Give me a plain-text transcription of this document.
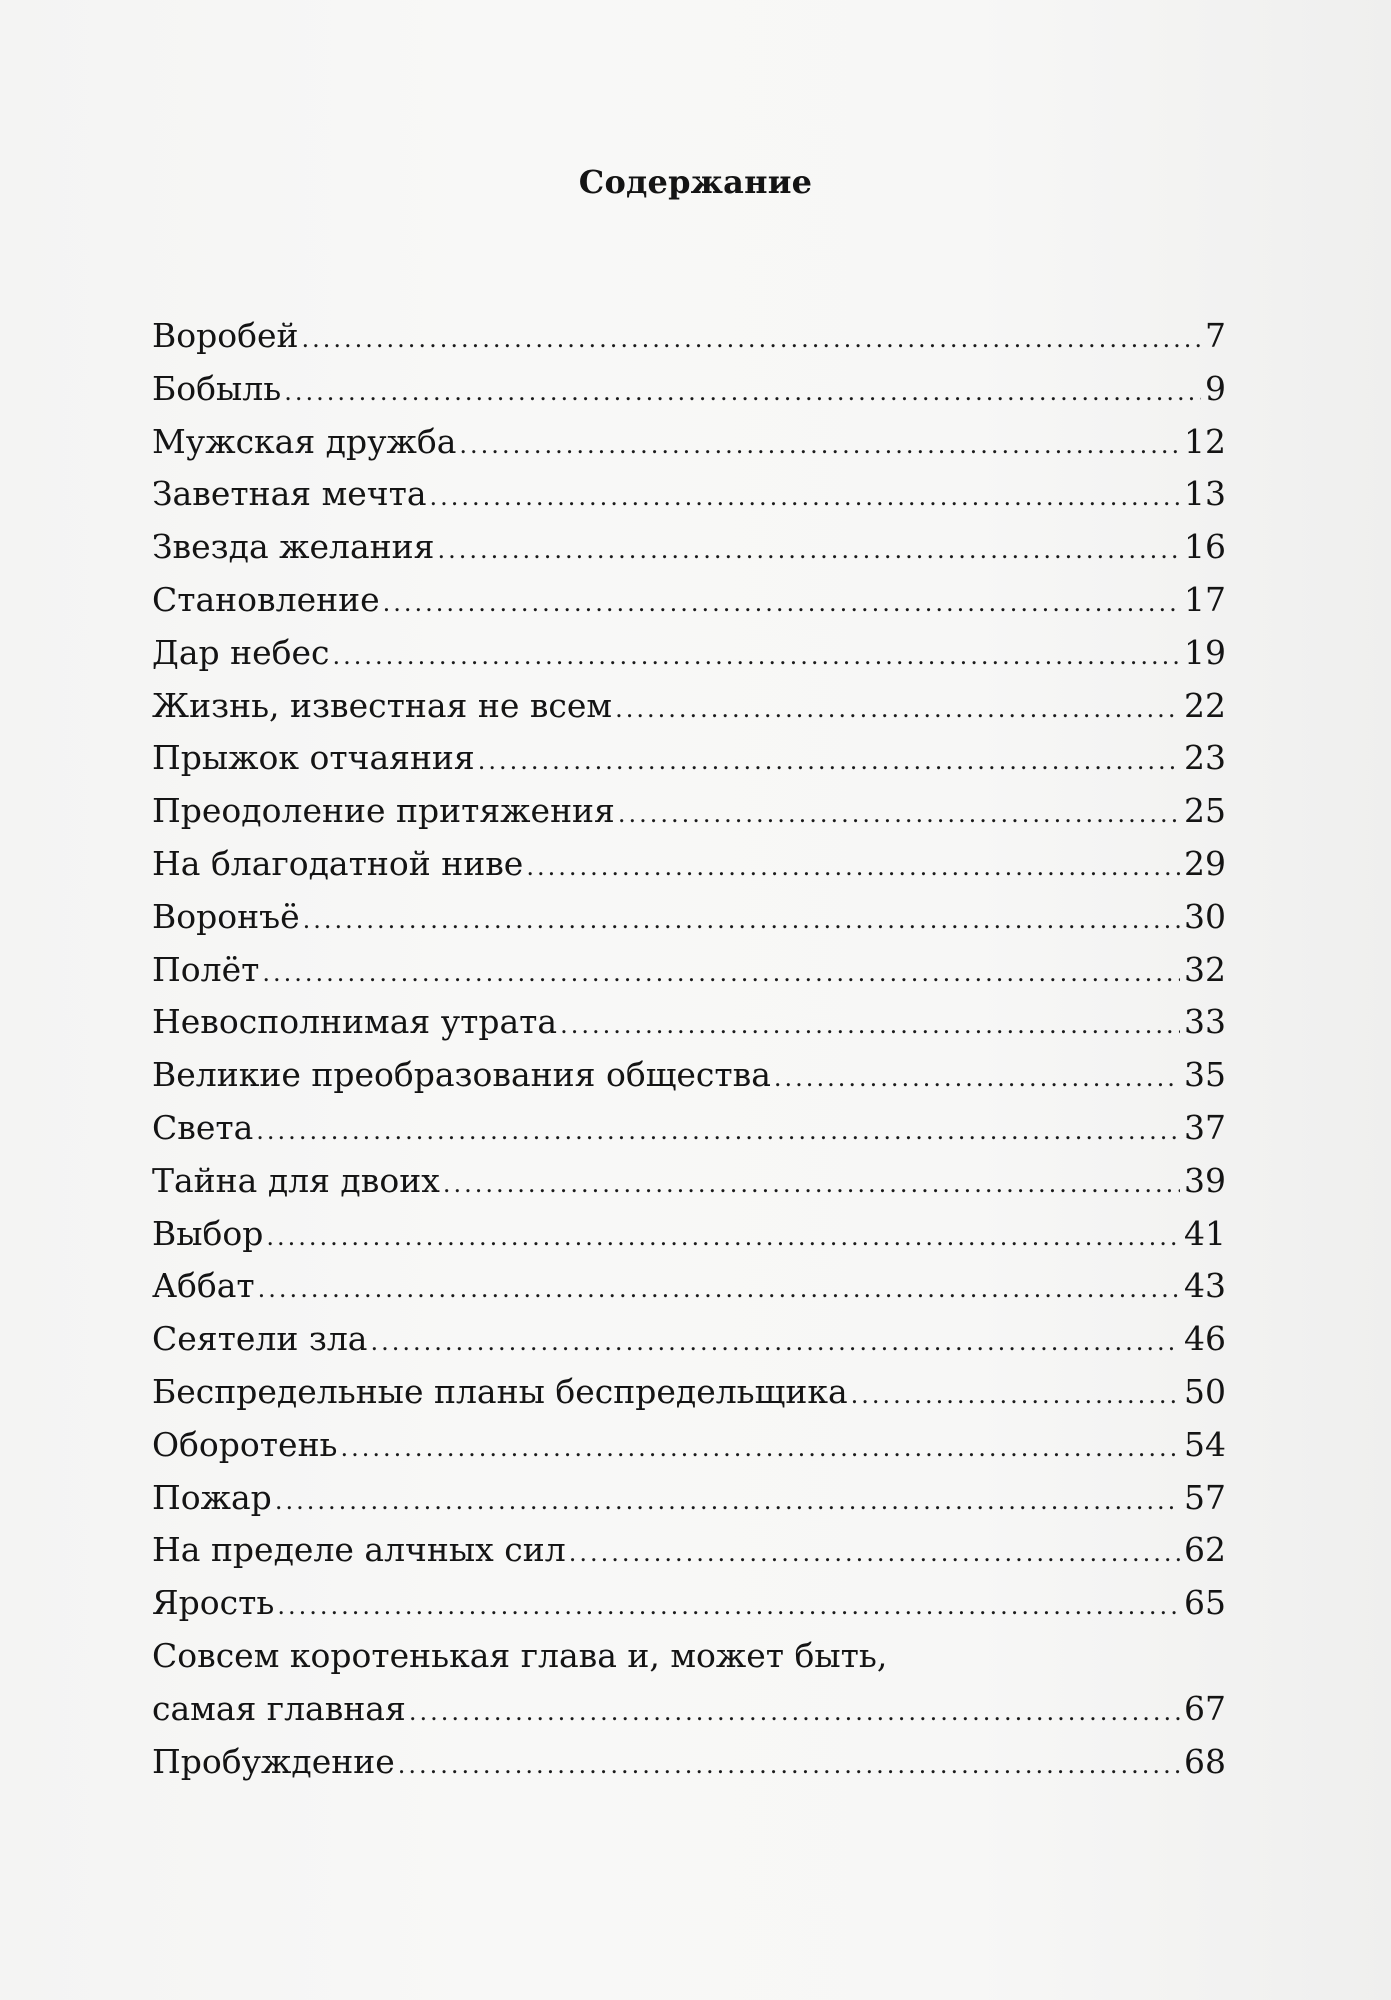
Содержание
Воробей .....	7
Бобыль .....	9
Мужская дружба .....	12
Заветная мечта .....	13
Звезда желания .....	16
Становление .....	17
Дар небес .....	19
Жизнь, известная не всем .....	22
Прыжок отчаяния .....	23
Преодоление притяжения .....	25
На благодатной ниве .....	29
Воронъё .....	30
Полёт .....	32
Невосполнимая утрата .....	33
Великие преобразования общества .....	35
Света .....	37
Тайна для двоих .....	39
Выбор .....	41
Аббат .....	43
Сеятели зла .....	46
Беспредельные планы беспредельщика .....	50
Оборотень .....	54
Пожар .....	57
На пределе алчных сил .....	62
Ярость .....	65
Совсем коротенькая глава и, может быть,
самая главная .....	67
Пробуждение .....	68
